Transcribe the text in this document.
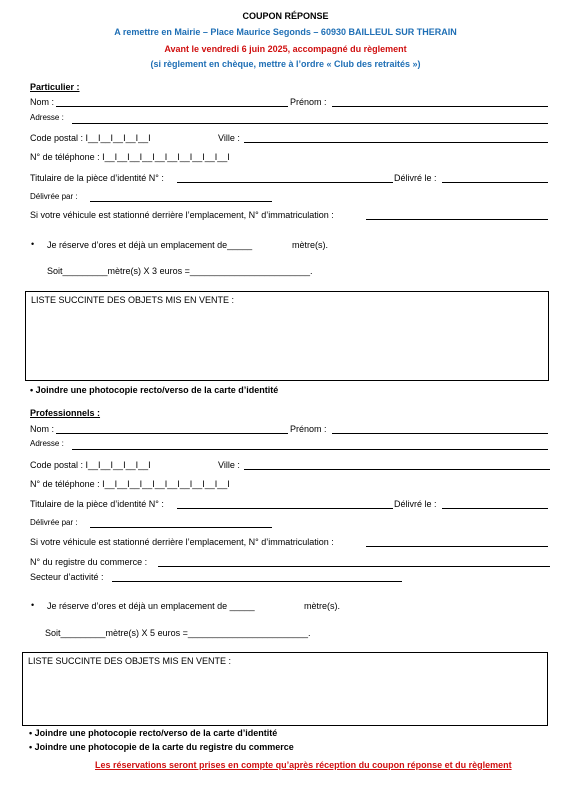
COUPON RÉPONSE
A remettre en Mairie – Place Maurice Segonds – 60930 BAILLEUL SUR THERAIN
Avant le vendredi 6 juin 2025, accompagné du règlement
(si règlement en chèque, mettre à l’ordre « Club des retraités »)
Particulier :
Nom :	Prénom :
Adresse :
Code postal : I__I__I__I__I__I	Ville :
N° de téléphone : I__I__I__I__I__I__I__I__I__I__I
Titulaire de la pièce d’identité N° :	Délivré le :
Délivrée par :
Si votre véhicule est stationné derrière l’emplacement, N° d’immatriculation :
• Je réserve d’ores et déjà un emplacement de_____	mètre(s).
Soit_________mètre(s) X 3 euros =________________________.
LISTE SUCCINTE DES OBJETS MIS EN VENTE :
• Joindre une photocopie recto/verso de la carte d’identité
Professionnels :
Nom :	Prénom :
Adresse :
Code postal : I__I__I__I__I__I	Ville :
N° de téléphone : I__I__I__I__I__I__I__I__I__I__I
Titulaire de la pièce d’identité N° :	Délivré le :
Délivrée par :
Si votre véhicule est stationné derrière l’emplacement, N° d’immatriculation :
N° du registre du commerce :
Secteur d’activité :
• Je réserve d’ores et déjà un emplacement de _____	mètre(s).
Soit_________mètre(s) X 5 euros =________________________.
LISTE SUCCINTE DES OBJETS MIS EN VENTE :
• Joindre une photocopie recto/verso de la carte d’identité
• Joindre une photocopie de la carte du registre du commerce
Les réservations seront prises en compte qu’après réception du coupon réponse et du règlement
